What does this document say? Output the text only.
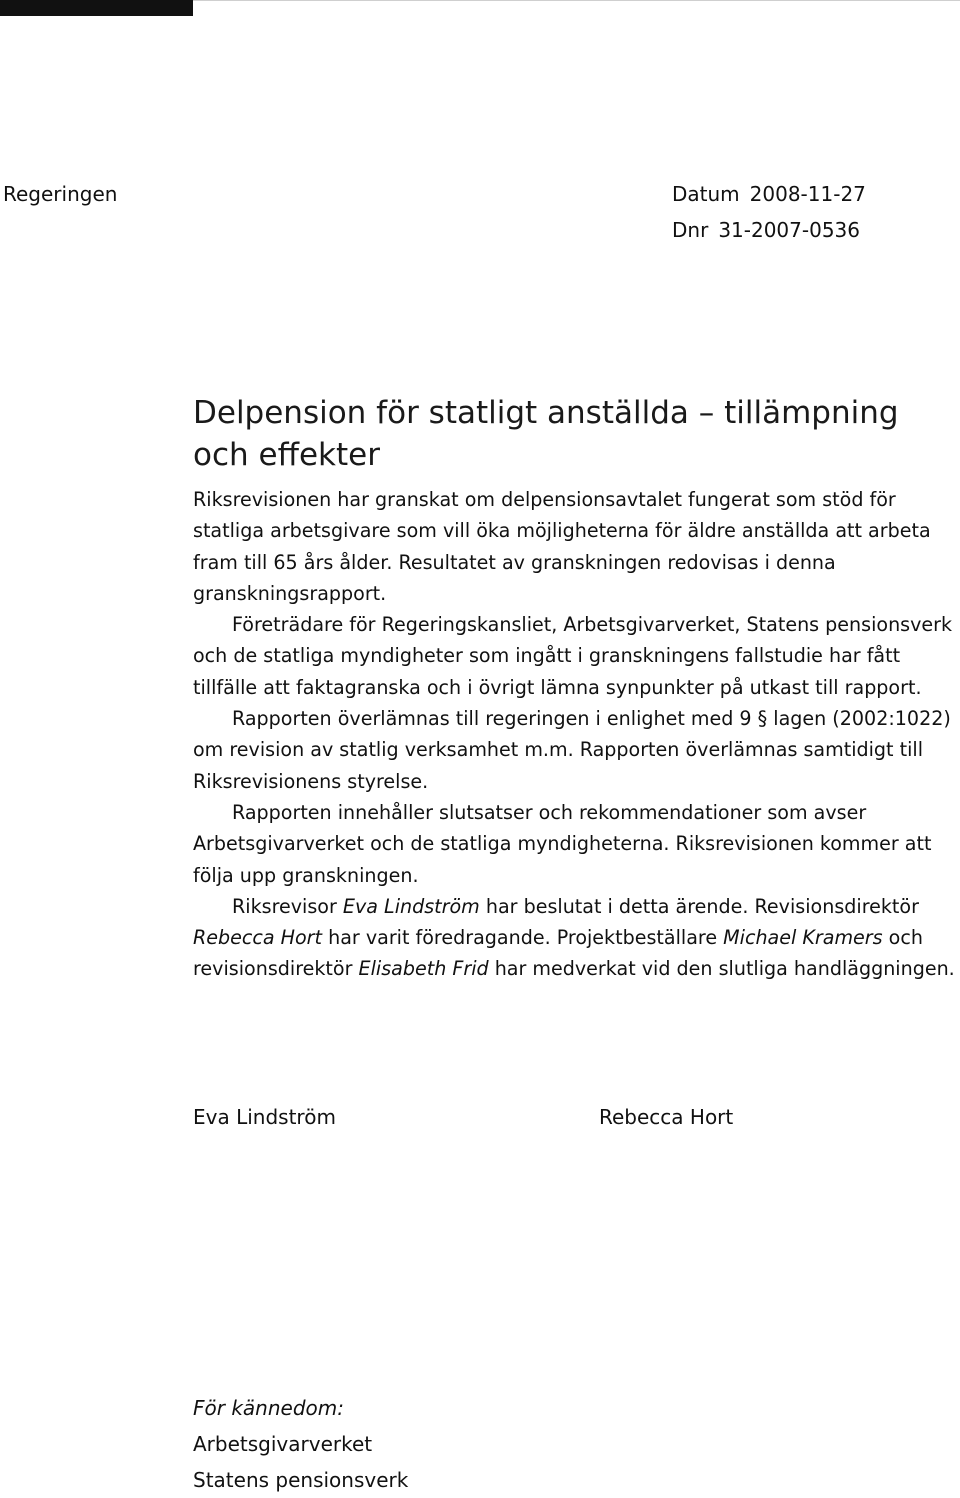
Regeringen	Datum 2008-11-27
Dnr 31-2007-0536
Delpension för statligt anställda – tillämpning och effekter

Riksrevisionen har granskat om delpensionsavtalet fungerat som stöd för statliga arbetsgivare som vill öka möjligheterna för äldre anställda att arbeta fram till 65 års ålder. Resultatet av granskningen redovisas i denna granskningsrapport.

Företrädare för Regeringskansliet, Arbetsgivarverket, Statens pensionsverk och de statliga myndigheter som ingått i granskningens fallstudie har fått tillfälle att faktagranska och i övrigt lämna synpunkter på utkast till rapport.

Rapporten överlämnas till regeringen i enlighet med 9 § lagen (2002:1022) om revision av statlig verksamhet m.m. Rapporten överlämnas samtidigt till Riksrevisionens styrelse.

Rapporten innehåller slutsatser och rekommendationer som avser Arbetsgivarverket och de statliga myndigheterna. Riksrevisionen kommer att följa upp granskningen.

Riksrevisor Eva Lindström har beslutat i detta ärende. Revisionsdirektör Rebecca Hort har varit föredragande. Projektbeställare Michael Kramers och revisionsdirektör Elisabeth Frid har medverkat vid den slutliga handläggningen.

Eva Lindström	Rebecca Hort
För kännedom:
Arbetsgivarverket
Statens pensionsverk
